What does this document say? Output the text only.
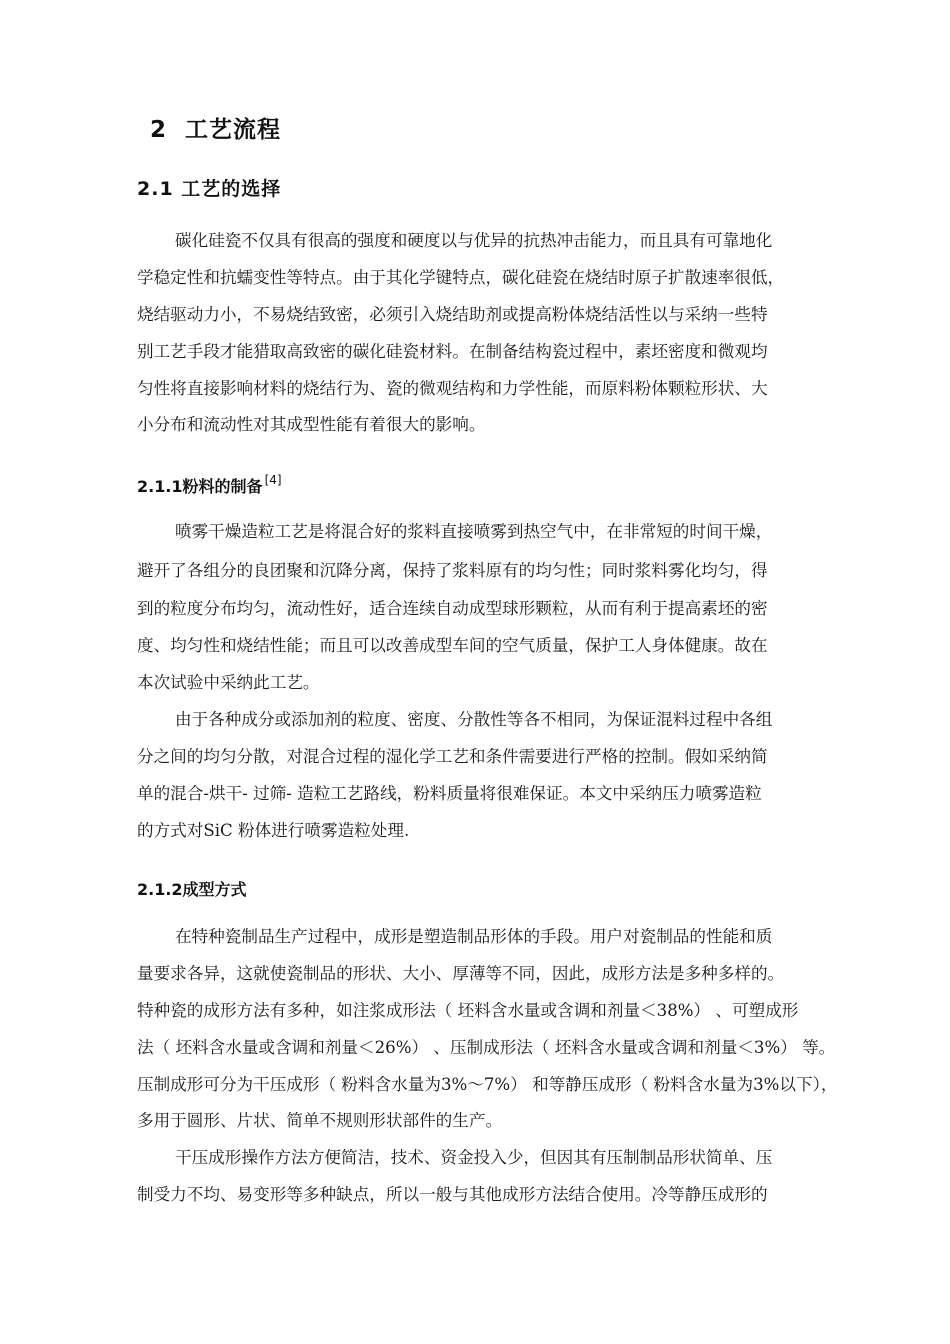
2 工艺流程
2.1 工艺的选择
碳化硅瓷不仅具有很高的强度和硬度以与优异的抗热冲击能力，而且具有可靠地化
学稳定性和抗蠕变性等特点。由于其化学键特点，碳化硅瓷在烧结时原子扩散速率很低，
烧结驱动力小，不易烧结致密，必须引入烧结助剂或提高粉体烧结活性以与采纳一些特
别工艺手段才能猎取高致密的碳化硅瓷材料。在制备结构瓷过程中，素坯密度和微观均
匀性将直接影响材料的烧结行为、瓷的微观结构和力学性能，而原料粉体颗粒形状、大
小分布和流动性对其成型性能有着很大的影响。
2.1.1粉料的制备 [4]
喷雾干燥造粒工艺是将混合好的浆料直接喷雾到热空气中，在非常短的时间干燥，
避开了各组分的良团聚和沉降分离，保持了浆料原有的均匀性；同时浆料雾化均匀，得
到的粒度分布均匀，流动性好，适合连续自动成型球形颗粒，从而有利于提高素坯的密
度、均匀性和烧结性能；而且可以改善成型车间的空气质量，保护工人身体健康。故在
本次试验中采纳此工艺。
由于各种成分或添加剂的粒度、密度、分散性等各不相同，为保证混料过程中各组
分之间的均匀分散，对混合过程的湿化学工艺和条件需要进行严格的控制。假如采纳简
单的混合-烘干- 过筛- 造粒工艺路线，粉料质量将很难保证。本文中采纳压力喷雾造粒
的方式对SiC 粉体进行喷雾造粒处理.
2.1.2成型方式
在特种瓷制品生产过程中，成形是塑造制品形体的手段。用户对瓷制品的性能和质
量要求各异，这就使瓷制品的形状、大小、厚薄等不同，因此，成形方法是多种多样的。
特种瓷的成形方法有多种，如注浆成形法（ 坯料含水量或含调和剂量＜38%） 、可塑成形
法（ 坯料含水量或含调和剂量＜26%） 、压制成形法（ 坯料含水量或含调和剂量＜3%） 等。
压制成形可分为干压成形（ 粉料含水量为3%～7%） 和等静压成形（ 粉料含水量为3%以下），
多用于圆形、片状、简单不规则形状部件的生产。
干压成形操作方法方便简洁，技术、资金投入少，但因其有压制制品形状简单、压
制受力不均、易变形等多种缺点，所以一般与其他成形方法结合使用。冷等静压成形的
